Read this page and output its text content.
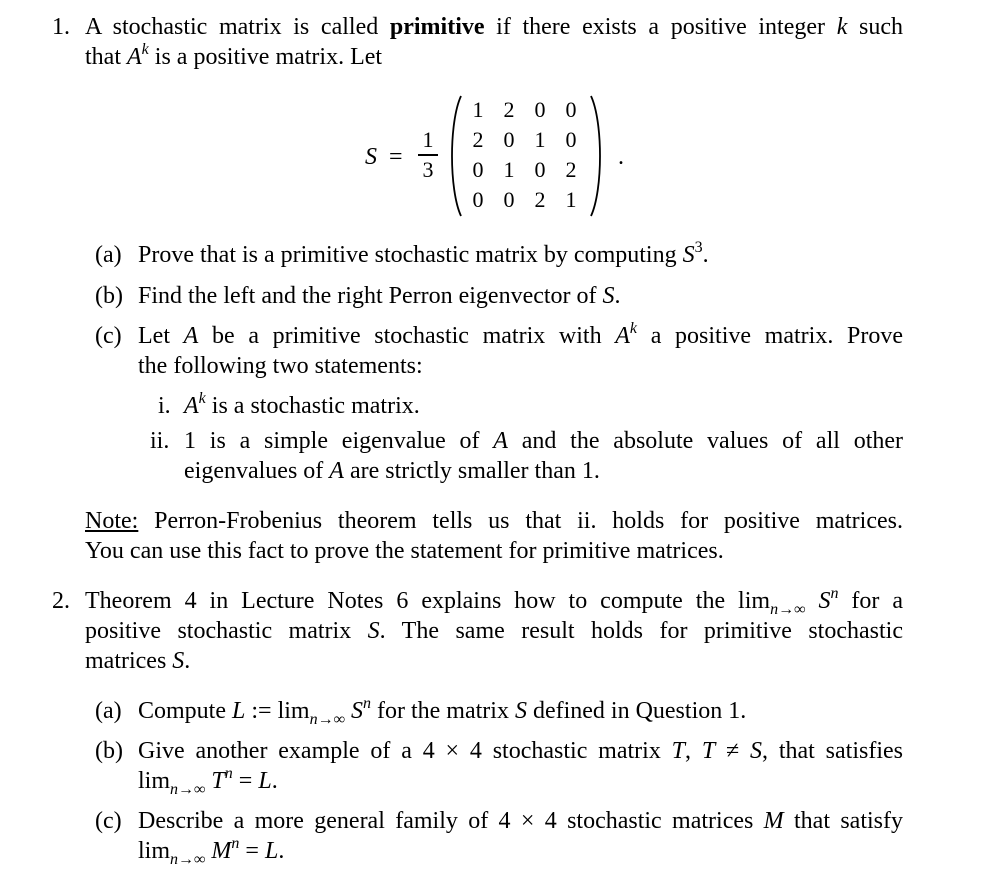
1. A stochastic matrix is called primitive if there exists a positive integer k such
that $A^k$ is a positive matrix. Let
S =
1
3
1 2 0 0
2 0 1 0
0 1 0 2
0 0 2 1
.
(a) Prove that is a primitive stochastic matrix by computing $S^3$.
(b) Find the left and the right Perron eigenvector of S.
(c) Let A be a primitive stochastic matrix with $A^k$ a positive matrix. Prove
the following two statements:
i. $A^k$ is a stochastic matrix.
ii. 1 is a simple eigenvalue of A and the absolute values of all other
eigenvalues of A are strictly smaller than 1.
Note: Perron-Frobenius theorem tells us that ii. holds for positive matrices.
You can use this fact to prove the statement for primitive matrices.
2. Theorem 4 in Lecture Notes 6 explains how to compute the $\lim_{n\to\infty} S^n$ for a
positive stochastic matrix S. The same result holds for primitive stochastic
matrices S.
(a) Compute L := $\lim_{n\to\infty} S^n$ for the matrix S defined in Question 1.
(b) Give another example of a 4 × 4 stochastic matrix T, T ≠ S, that satisfies
$\lim_{n\to\infty} T^n = L$.
(c) Describe a more general family of 4 × 4 stochastic matrices M that satisfy
$\lim_{n\to\infty} M^n = L$.
